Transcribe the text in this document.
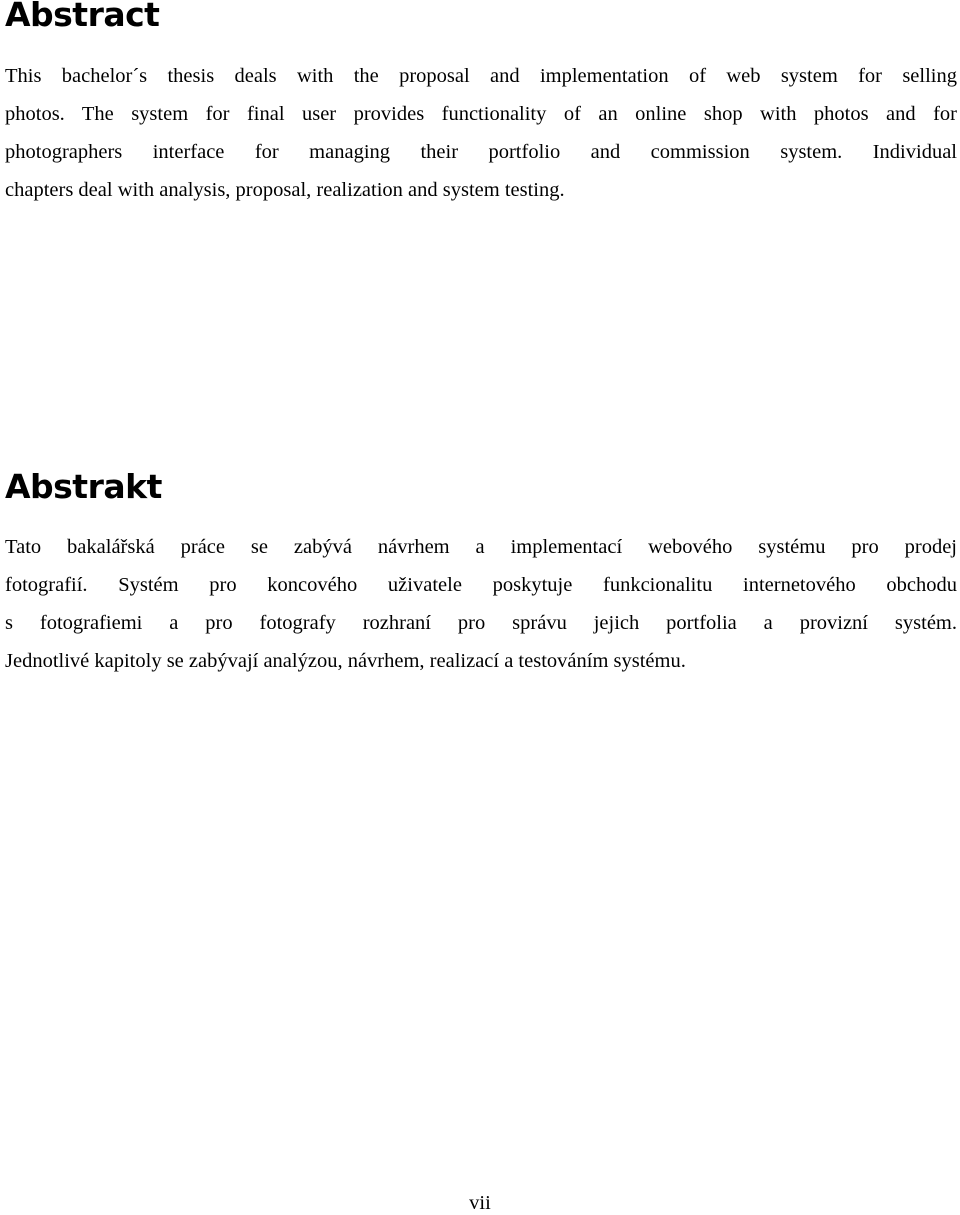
Abstract
This bachelor´s thesis deals with the proposal and implementation of web system for selling
photos. The system for final user provides functionality of an online shop with photos and for
photographers interface for managing their portfolio and commission system. Individual
chapters deal with analysis, proposal, realization and system testing.
Abstrakt
Tato bakalářská práce se zabývá návrhem a implementací webového systému pro prodej
fotografií. Systém pro koncového uživatele poskytuje funkcionalitu internetového obchodu
s fotografiemi a pro fotografy rozhraní pro správu jejich portfolia a provizní systém.
Jednotlivé kapitoly se zabývají analýzou, návrhem, realizací a testováním systému.

vii
